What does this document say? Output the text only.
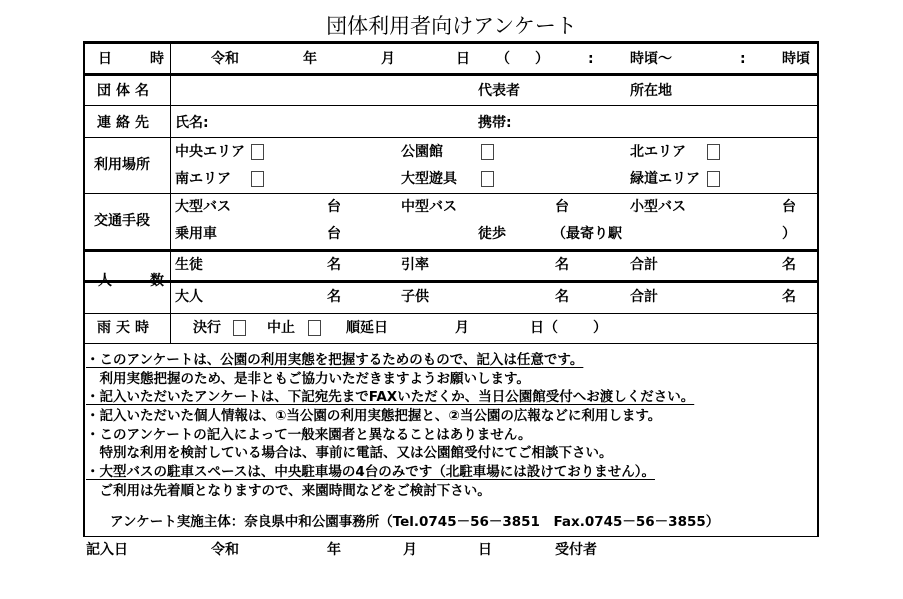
団体利用者向けアンケート
日　時	令和	年	月	日 （ ）	:	時頃～	:	時頃
団体名	代表者	所在地
連絡先 氏名:	携帯:
利用場所
中央エリア	公園館	北エリア
南エリア	大型遊具	緑道エリア
交通手段
大型バス	台	中型バス	台	小型バス	台
乗用車	台	徒歩	（最寄り駅	）
人　数
生徒	名	引率	名	合計	名
大人	名	子供	名	合計	名
雨天時	決行	中止	順延日	月	日（	）
・このアンケートは、公園の利用実態を把握するためのもので、記入は任意です。
　利用実態把握のため、是非ともご協力いただきますようお願いします。
・記入いただいたアンケートは、下記宛先までFAXいただくか、当日公園館受付へお渡しください。
・記入いただいた個人情報は、①当公園の利用実態把握と、②当公園の広報などに利用します。
・このアンケートの記入によって一般来園者と異なることはありません。
　特別な利用を検討している場合は、事前に電話、又は公園館受付にてご相談下さい。
・大型バスの駐車スペースは、中央駐車場の4台のみです（北駐車場には設けておりません）。
　ご利用は先着順となりますので、来園時間などをご検討下さい。
アンケート実施主体：奈良県中和公園事務所（Tel.0745－56－3851　Fax.0745－56－3855）
記入日	令和	年	月	日	受付者
